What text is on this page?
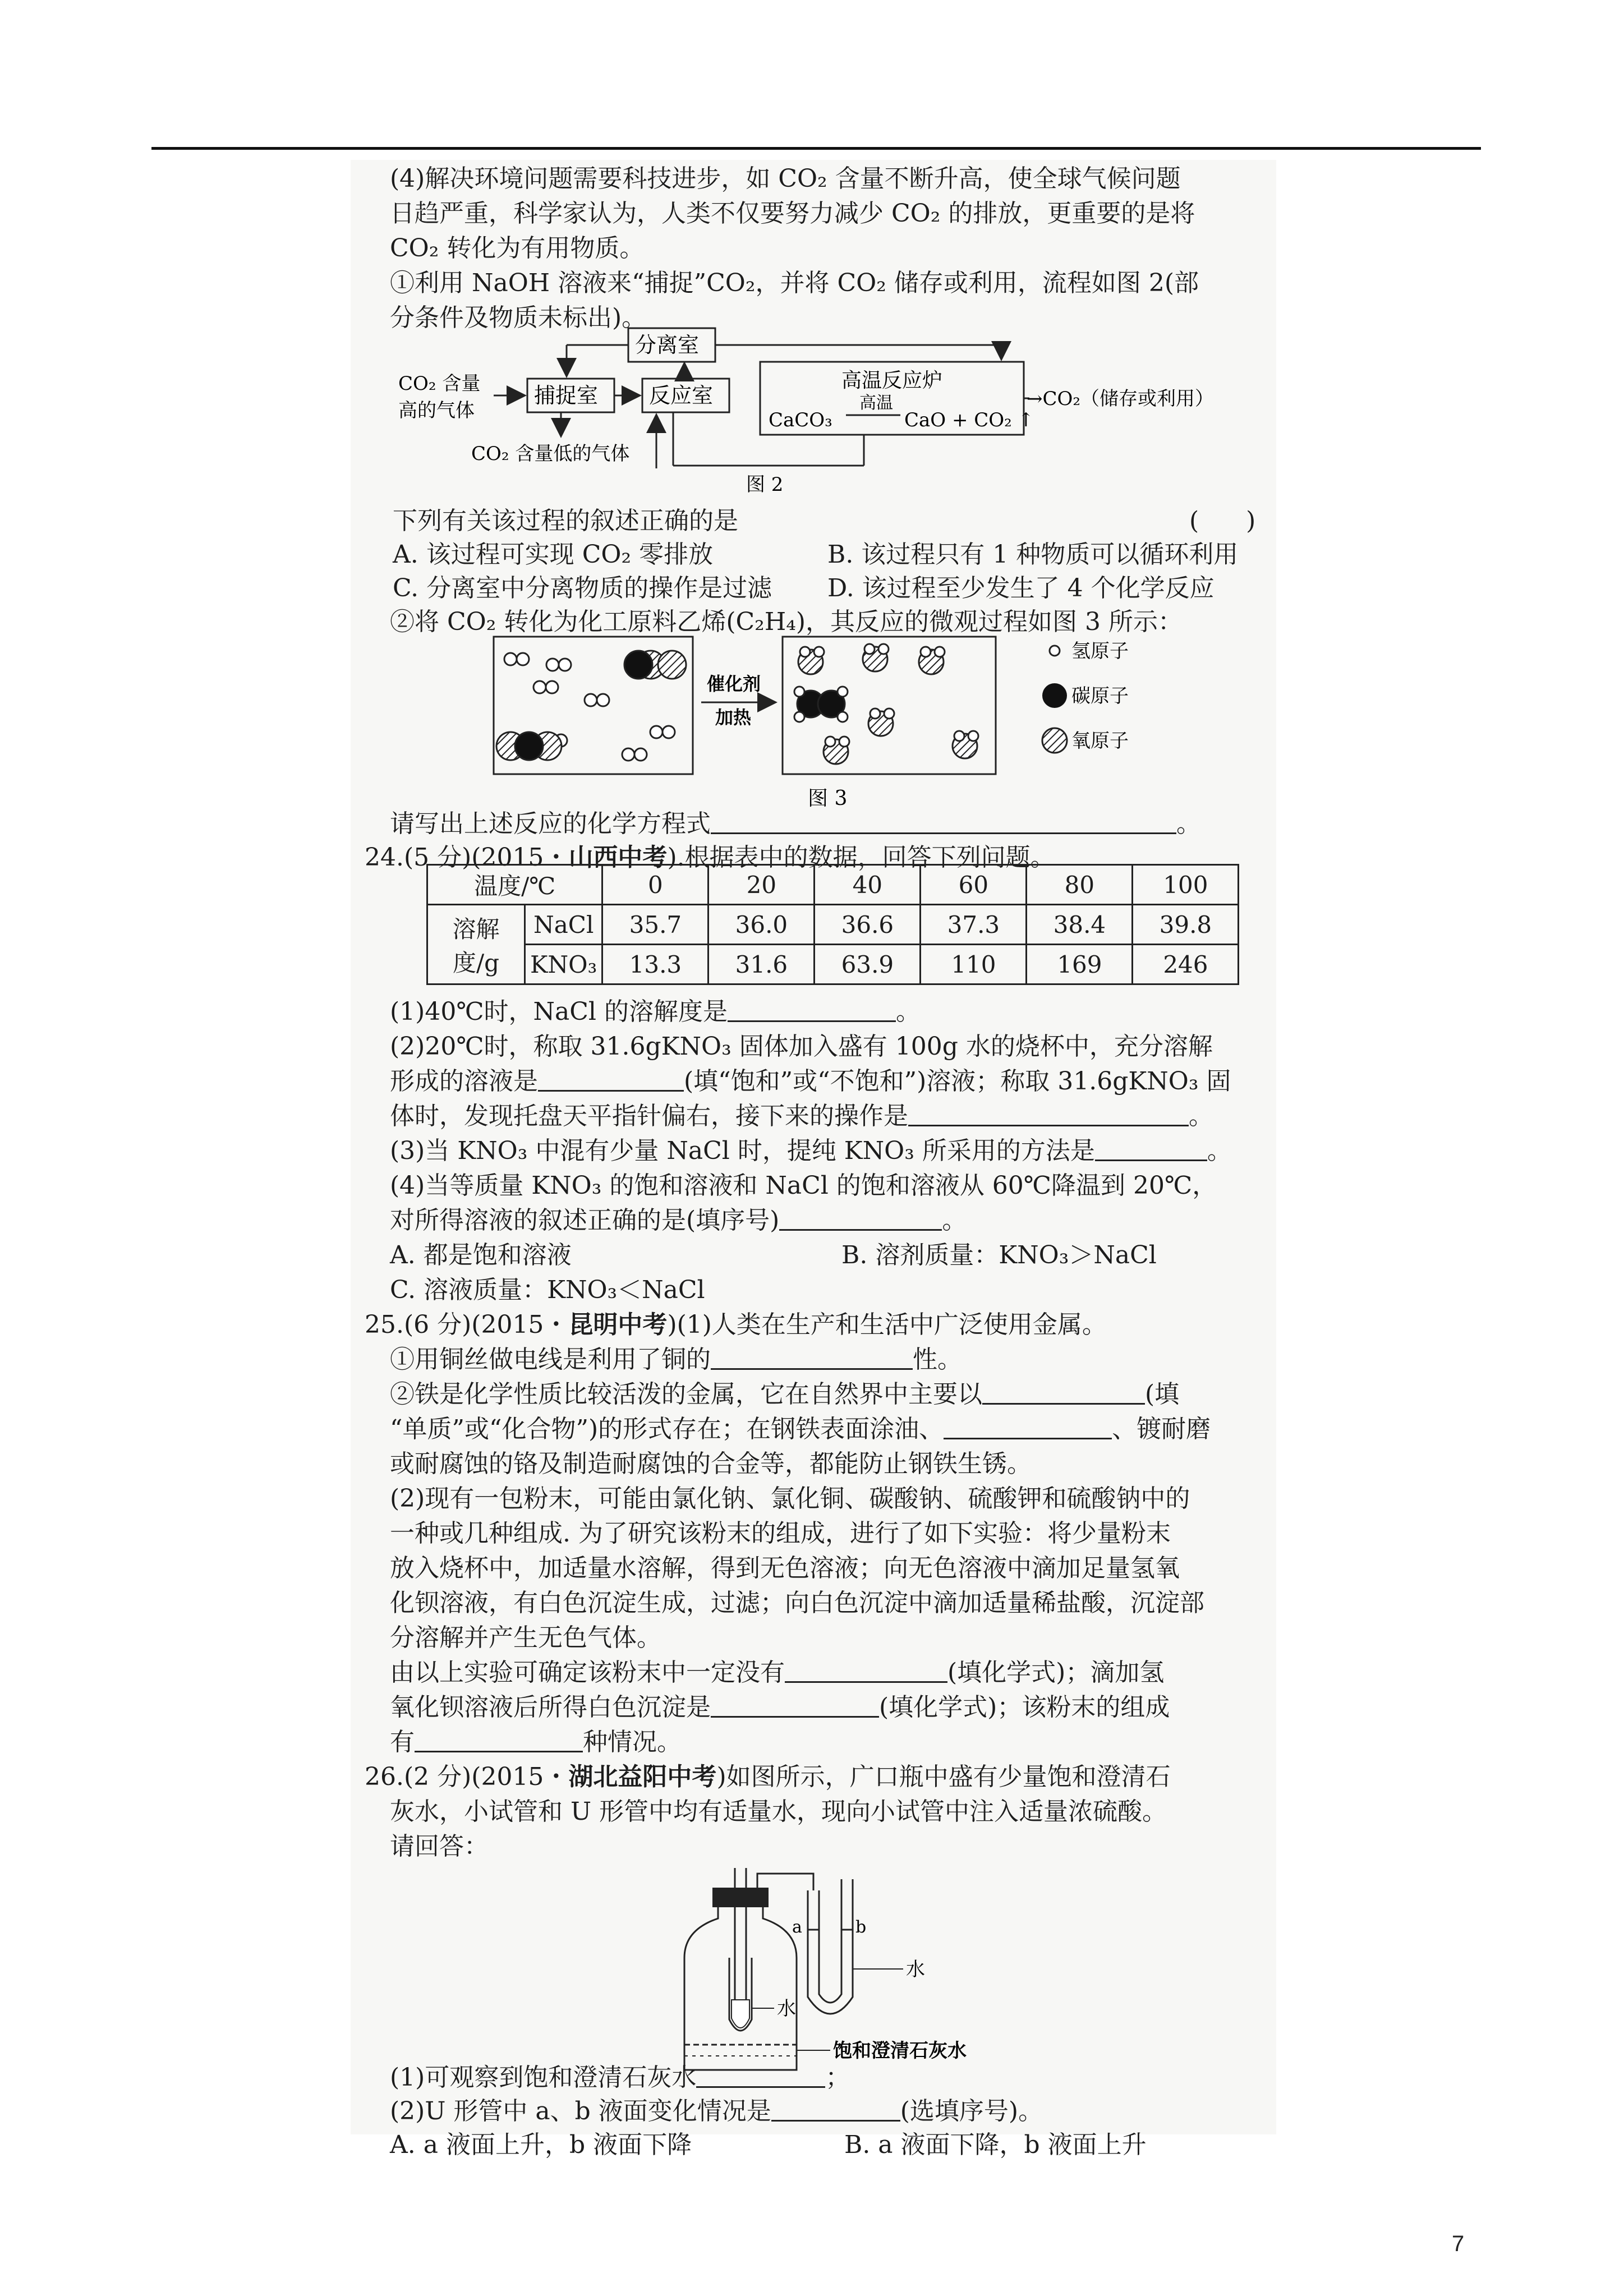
(4)解决环境问题需要科技进步，如 CO₂ 含量不断升高，使全球气候问题
日趋严重，科学家认为，人类不仅要努力减少 CO₂ 的排放，更重要的是将
CO₂ 转化为有用物质。
①利用 NaOH 溶液来“捕捉”CO₂，并将 CO₂ 储存或利用，流程如图 2(部
分条件及物质未标出)。
CO₂ 含量
高的气体
捕捉室 反应室
分离室
高温反应炉
高温
CaCO₃	CaO + CO₂ ↑
→CO₂（储存或利用）
CO₂ 含量低的气体
图 2
下列有关该过程的叙述正确的是	(      )
A. 该过程可实现 CO₂ 零排放	B. 该过程只有 1 种物质可以循环利用
C. 分离室中分离物质的操作是过滤 D. 该过程至少发生了 4 个化学反应
②将 CO₂ 转化为化工原料乙烯(C₂H₄)，其反应的微观过程如图 3 所示：
催化剂
加热
氢原子
碳原子
氧原子
图 3
请写出上述反应的化学方程式	。
24.(5 分)(2015・山西中考).根据表中的数据，回答下列问题。
温度/℃		0	20	40	60	80	100
溶解度/g	NaCl	35.7	36.0	36.6	37.3	38.4	39.8
	KNO₃	13.3	31.6	63.9	110	169	246
(1)40℃时，NaCl 的溶解度是	。
(2)20℃时，称取 31.6gKNO₃ 固体加入盛有 100g 水的烧杯中，充分溶解
形成的溶液是	(填“饱和”或“不饱和”)溶液；称取 31.6gKNO₃ 固
体时，发现托盘天平指针偏右，接下来的操作是	。
(3)当 KNO₃ 中混有少量 NaCl 时，提纯 KNO₃ 所采用的方法是	。
(4)当等质量 KNO₃ 的饱和溶液和 NaCl 的饱和溶液从 60℃降温到 20℃，
对所得溶液的叙述正确的是(填序号)	。
A. 都是饱和溶液	B. 溶剂质量：KNO₃＞NaCl
C. 溶液质量：KNO₃＜NaCl
25.(6 分)(2015・昆明中考)(1)人类在生产和生活中广泛使用金属。
①用铜丝做电线是利用了铜的	性。
②铁是化学性质比较活泼的金属，它在自然界中主要以	(填
“单质”或“化合物”)的形式存在；在钢铁表面涂油、	、镀耐磨
或耐腐蚀的铬及制造耐腐蚀的合金等，都能防止钢铁生锈。
(2)现有一包粉末，可能由氯化钠、氯化铜、碳酸钠、硫酸钾和硫酸钠中的
一种或几种组成. 为了研究该粉末的组成，进行了如下实验：将少量粉末
放入烧杯中，加适量水溶解，得到无色溶液；向无色溶液中滴加足量氢氧
化钡溶液，有白色沉淀生成，过滤；向白色沉淀中滴加适量稀盐酸，沉淀部
分溶解并产生无色气体。
由以上实验可确定该粉末中一定没有	(填化学式)；滴加氢
氧化钡溶液后所得白色沉淀是	(填化学式)；该粉末的组成
有	种情况。
26.(2 分)(2015・湖北益阳中考)如图所示，广口瓶中盛有少量饱和澄清石
灰水，小试管和 U 形管中均有适量水，现向小试管中注入适量浓硫酸。
请回答：
a	b
水
水
饱和澄清石灰水
(1)可观察到饱和澄清石灰水	；
(2)U 形管中 a、b 液面变化情况是	(选填序号)。
A. a 液面上升，b 液面下降	B. a 液面下降，b 液面上升
7
